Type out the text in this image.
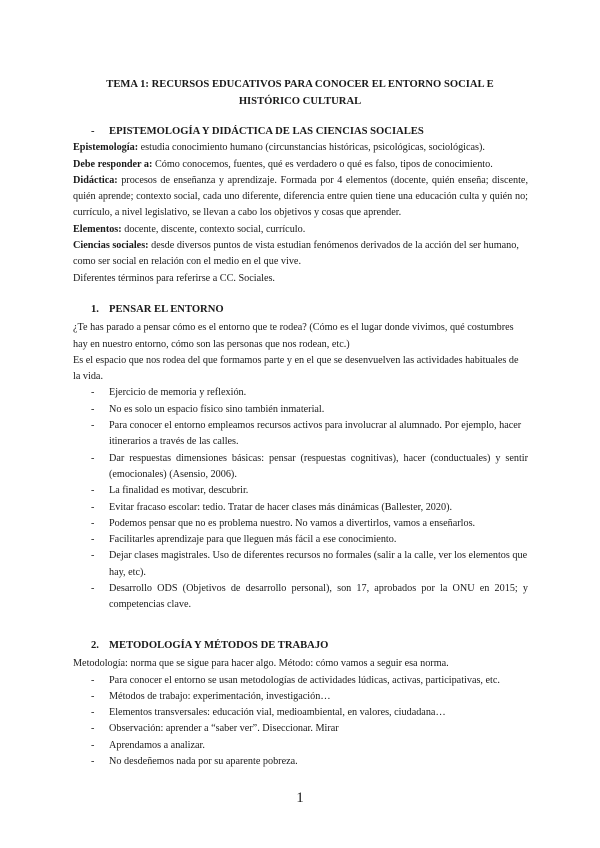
TEMA 1: RECURSOS EDUCATIVOS PARA CONOCER EL ENTORNO SOCIAL E
HISTÓRICO CULTURAL

- EPISTEMOLOGÍA Y DIDÁCTICA DE LAS CIENCIAS SOCIALES

Epistemología: estudia conocimiento humano (circunstancias históricas, psicológicas, sociológicas).

Debe responder a: Cómo conocemos, fuentes, qué es verdadero o qué es falso, tipos de conocimiento.

Didáctica: procesos de enseñanza y aprendizaje. Formada por 4 elementos (docente, quién enseña; discente, quién aprende; contexto social, cada uno diferente, diferencia entre quien tiene una educación culta y quién no; currículo, a nivel legislativo, se llevan a cabo los objetivos y cosas que aprender.

Elementos: docente, discente, contexto social, currículo.

Ciencias sociales: desde diversos puntos de vista estudian fenómenos derivados de la acción del ser humano, como ser social en relación con el medio en el que vive.

Diferentes términos para referirse a CC. Sociales.

1. PENSAR EL ENTORNO

¿Te has parado a pensar cómo es el entorno que te rodea? (Cómo es el lugar donde vivimos, qué costumbres hay en nuestro entorno, cómo son las personas que nos rodean, etc.)

Es el espacio que nos rodea del que formamos parte y en el que se desenvuelven las actividades habituales de la vida.

- Ejercicio de memoria y reflexión.
- No es solo un espacio físico sino también inmaterial.
- Para conocer el entorno empleamos recursos activos para involucrar al alumnado. Por ejemplo, hacer itinerarios a través de las calles.
- Dar respuestas dimensiones básicas: pensar (respuestas cognitivas), hacer (conductuales) y sentir (emocionales) (Asensio, 2006).
- La finalidad es motivar, descubrir.
- Evitar fracaso escolar: tedio. Tratar de hacer clases más dinámicas (Ballester, 2020).
- Podemos pensar que no es problema nuestro. No vamos a divertirlos, vamos a enseñarlos.
- Facilitarles aprendizaje para que lleguen más fácil a ese conocimiento.
- Dejar clases magistrales. Uso de diferentes recursos no formales (salir a la calle, ver los elementos que hay, etc).
- Desarrollo ODS (Objetivos de desarrollo personal), son 17, aprobados por la ONU en 2015; y competencias clave.

2. METODOLOGÍA Y MÉTODOS DE TRABAJO

Metodología: norma que se sigue para hacer algo. Método: cómo vamos a seguir esa norma.

- Para conocer el entorno se usan metodologías de actividades lúdicas, activas, participativas, etc.
- Métodos de trabajo: experimentación, investigación…
- Elementos transversales: educación vial, medioambiental, en valores, ciudadana…
- Observación: aprender a “saber ver”. Diseccionar. Mirar
- Aprendamos a analizar.
- No desdeñemos nada por su aparente pobreza.
1
